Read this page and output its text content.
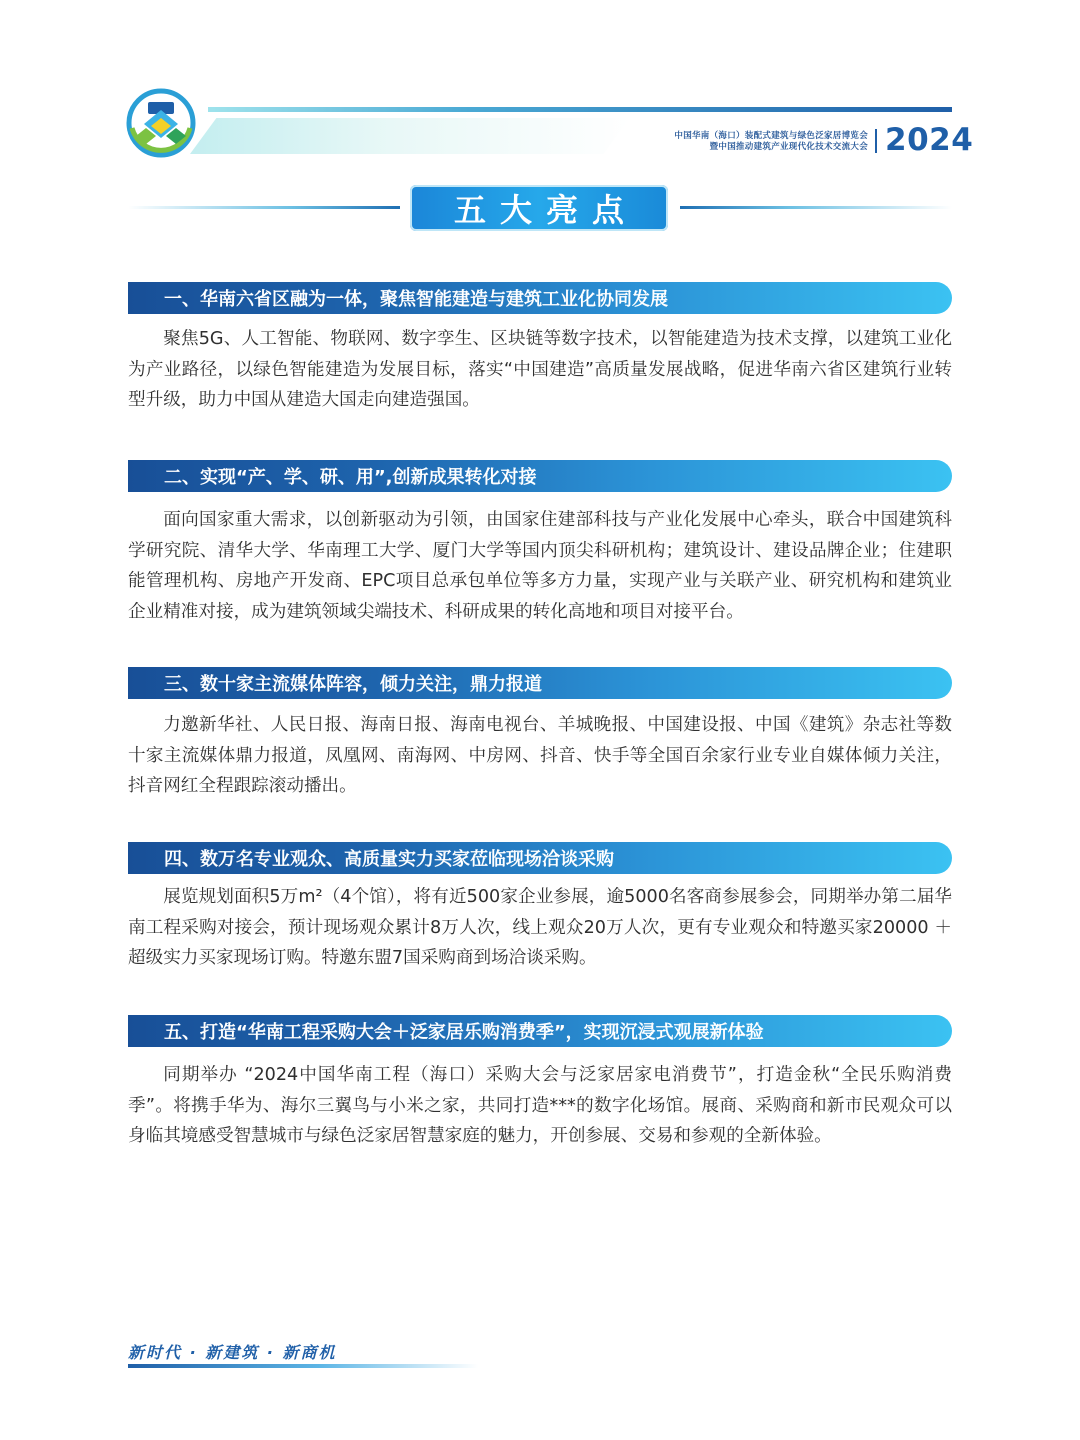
中国华南（海口）装配式建筑与绿色泛家居博览会
暨中国推动建筑产业现代化技术交流大会 2024
五大亮点
一、华南六省区融为一体，聚焦智能建造与建筑工业化协同发展

聚焦5G、人工智能、物联网、数字孪生、区块链等数字技术，以智能建造为技术支撑，以建筑工业化为产业路径，以绿色智能建造为发展目标，落实“中国建造”高质量发展战略，促进华南六省区建筑行业转型升级，助力中国从建造大国走向建造强国。

二、实现“产、学、研、用”,创新成果转化对接

面向国家重大需求，以创新驱动为引领，由国家住建部科技与产业化发展中心牵头，联合中国建筑科学研究院、清华大学、华南理工大学、厦门大学等国内顶尖科研机构；建筑设计、建设品牌企业；住建职能管理机构、房地产开发商、EPC项目总承包单位等多方力量，实现产业与关联产业、研究机构和建筑业企业精准对接，成为建筑领域尖端技术、科研成果的转化高地和项目对接平台。

三、数十家主流媒体阵容，倾力关注，鼎力报道

力邀新华社、人民日报、海南日报、海南电视台、羊城晚报、中国建设报、中国《建筑》杂志社等数十家主流媒体鼎力报道，凤凰网、南海网、中房网、抖音、快手等全国百余家行业专业自媒体倾力关注，抖音网红全程跟踪滚动播出。

四、数万名专业观众、高质量实力买家莅临现场洽谈采购

展览规划面积5万m²（4个馆），将有近500家企业参展，逾5000名客商参展参会，同期举办第二届华南工程采购对接会，预计现场观众累计8万人次，线上观众20万人次，更有专业观众和特邀买家20000 ＋超级实力买家现场订购。特邀东盟7国采购商到场洽谈采购。

五、打造“华南工程采购大会＋泛家居乐购消费季”，实现沉浸式观展新体验

同期举办 “2024中国华南工程（海口）采购大会与泛家居家电消费节”，打造金秋“全民乐购消费季”。将携手华为、海尔三翼鸟与小米之家，共同打造***的数字化场馆。展商、采购商和新市民观众可以身临其境感受智慧城市与绿色泛家居智慧家庭的魅力，开创参展、交易和参观的全新体验。

新时代 · 新建筑 · 新商机
